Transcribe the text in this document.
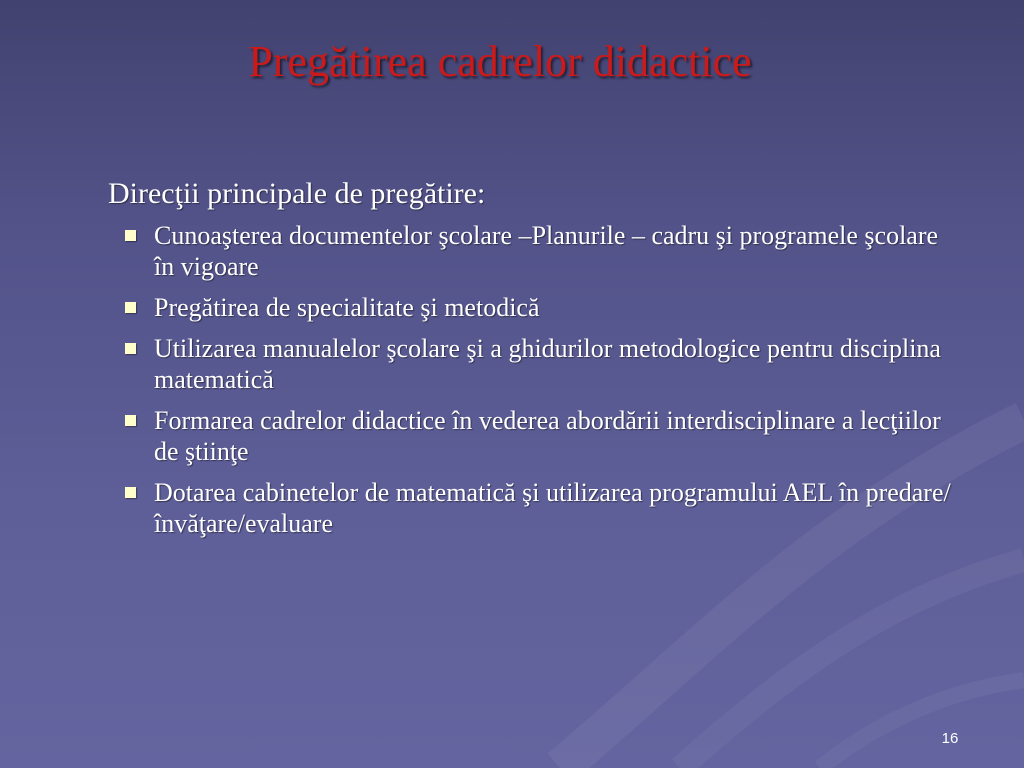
Pregătirea cadrelor didactice
Direcţii principale de pregătire:
Cunoaşterea documentelor şcolare –Planurile – cadru şi programele şcolare în vigoare
Pregătirea de specialitate şi metodică
Utilizarea manualelor şcolare şi a ghidurilor metodologice pentru disciplina matematică
Formarea cadrelor didactice în vederea abordării interdisciplinare a lecţiilor de ştiinţe
Dotarea cabinetelor de matematică şi utilizarea programului AEL în predare/învăţare/evaluare
16
